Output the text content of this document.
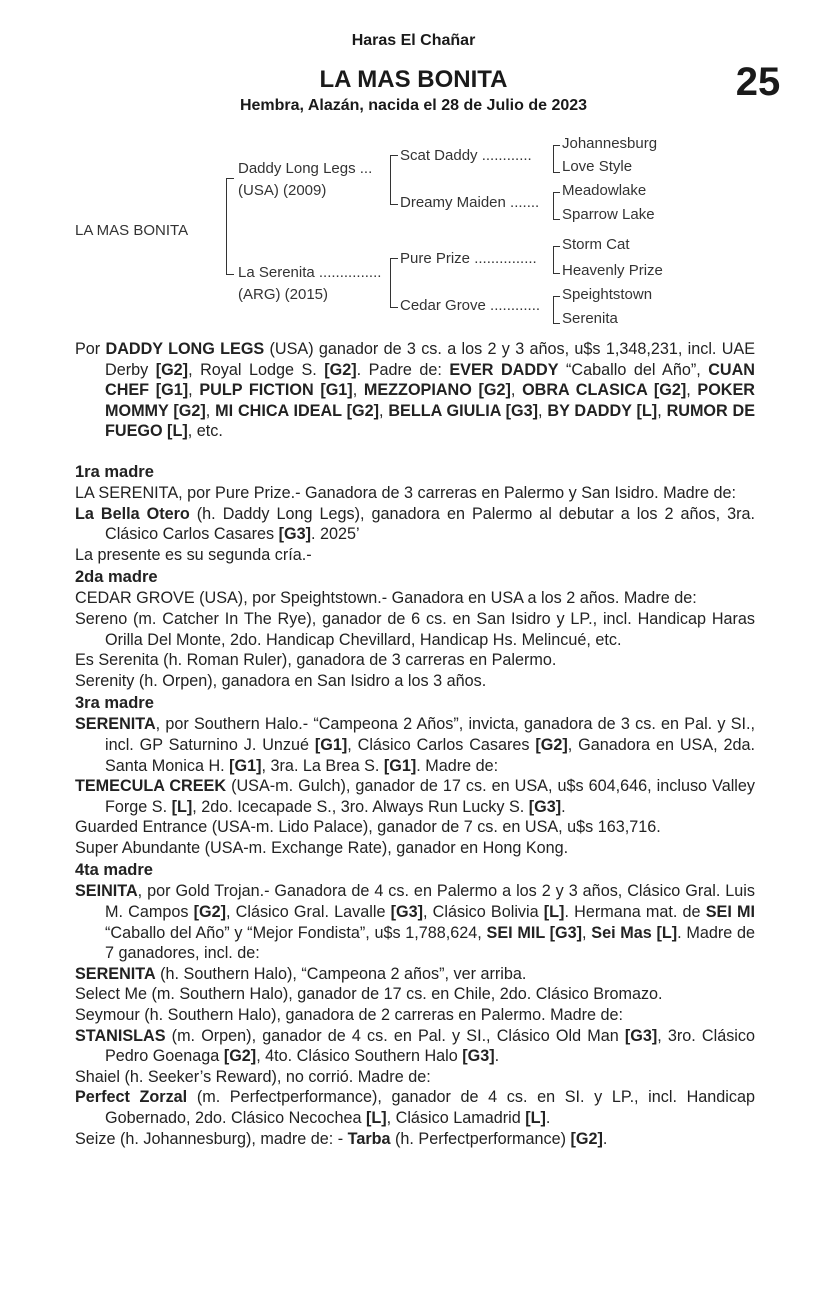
Haras El Chañar
LA MAS BONITA
Hembra, Alazán, nacida el 28 de Julio de 2023
25
LA MAS BONITA
Daddy Long Legs ...
(USA) (2009)
La Serenita ...............
(ARG) (2015)
Scat Daddy ............
Dreamy Maiden .......
Pure Prize ...............
Cedar Grove ............
Johannesburg
Love Style
Meadowlake
Sparrow Lake
Storm Cat
Heavenly Prize
Speightstown
Serenita

Por DADDY LONG LEGS (USA) ganador de 3 cs. a los 2 y 3 años, u$s 1,348,231, incl. UAE Derby [G2], Royal Lodge S. [G2]. Padre de: EVER DADDY “Caballo del Año”, CUAN CHEF [G1], PULP FICTION [G1], MEZZOPIANO [G2], OBRA CLASICA [G2], POKER MOMMY [G2], MI CHICA IDEAL [G2], BELLA GIULIA [G3], BY DADDY [L], RUMOR DE FUEGO [L], etc.

1ra madre

LA SERENITA, por Pure Prize.- Ganadora de 3 carreras en Palermo y San Isidro. Madre de:

La Bella Otero (h. Daddy Long Legs), ganadora en Palermo al debutar a los 2 años, 3ra. Clásico Carlos Casares [G3]. 2025’

La presente es su segunda cría.-

2da madre

CEDAR GROVE (USA), por Speightstown.- Ganadora en USA a los 2 años. Madre de:

Sereno (m. Catcher In The Rye), ganador de 6 cs. en San Isidro y LP., incl. Handicap Haras Orilla Del Monte, 2do. Handicap Chevillard, Handicap Hs. Melincué, etc.

Es Serenita (h. Roman Ruler), ganadora de 3 carreras en Palermo.

Serenity (h. Orpen), ganadora en San Isidro a los 3 años.

3ra madre

SERENITA, por Southern Halo.- “Campeona 2 Años”, invicta, ganadora de 3 cs. en Pal. y SI., incl. GP Saturnino J. Unzué [G1], Clásico Carlos Casares [G2], Ganadora en USA, 2da. Santa Monica H. [G1], 3ra. La Brea S. [G1]. Madre de:

TEMECULA CREEK (USA-m. Gulch), ganador de 17 cs. en USA, u$s 604,646, incluso Valley Forge S. [L], 2do. Icecapade S., 3ro. Always Run Lucky S. [G3].

Guarded Entrance (USA-m. Lido Palace), ganador de 7 cs. en USA, u$s 163,716.

Super Abundante (USA-m. Exchange Rate), ganador en Hong Kong.

4ta madre

SEINITA, por Gold Trojan.- Ganadora de 4 cs. en Palermo a los 2 y 3 años, Clásico Gral. Luis M. Campos [G2], Clásico Gral. Lavalle [G3], Clásico Bolivia [L]. Hermana mat. de SEI MI “Caballo del Año” y “Mejor Fondista”, u$s 1,788,624, SEI MIL [G3], Sei Mas [L]. Madre de 7 ganadores, incl. de:

SERENITA (h. Southern Halo), “Campeona 2 años”, ver arriba.

Select Me (m. Southern Halo), ganador de 17 cs. en Chile, 2do. Clásico Bromazo.

Seymour (h. Southern Halo), ganadora de 2 carreras en Palermo. Madre de:

STANISLAS (m. Orpen), ganador de 4 cs. en Pal. y SI., Clásico Old Man [G3], 3ro. Clásico Pedro Goenaga [G2], 4to. Clásico Southern Halo [G3].

Shaiel (h. Seeker’s Reward), no corrió. Madre de:

Perfect Zorzal (m. Perfectperformance), ganador de 4 cs. en SI. y LP., incl. Handicap Gobernado, 2do. Clásico Necochea [L], Clásico Lamadrid [L].

Seize (h. Johannesburg), madre de: - Tarba (h. Perfectperformance) [G2].
